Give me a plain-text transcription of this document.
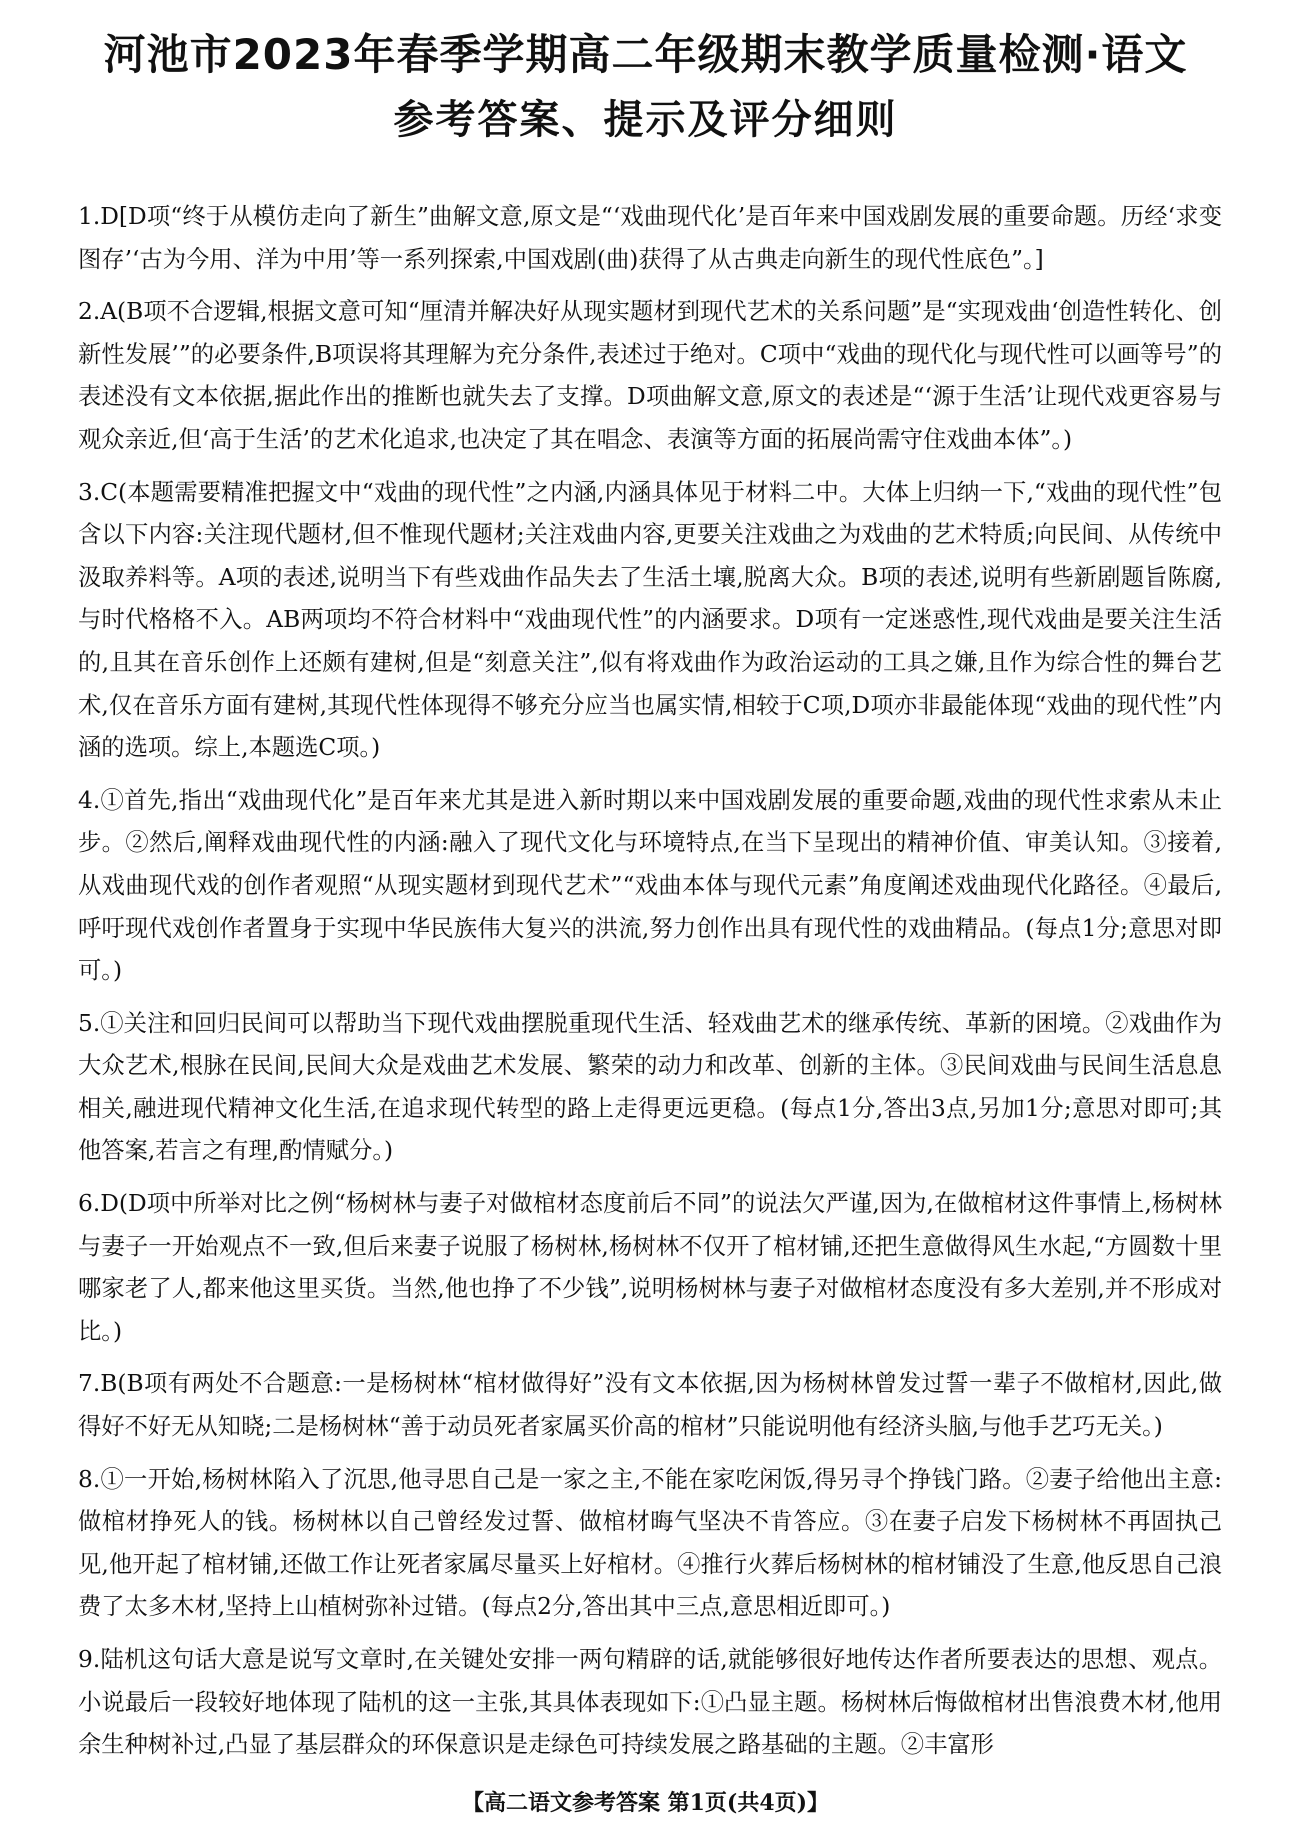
河池市2023年春季学期高二年级期末教学质量检测·语文
参考答案、提示及评分细则

1.D[D项“终于从模仿走向了新生”曲解文意,原文是“‘戏曲现代化’是百年来中国戏剧发展的重要命题。历经‘求变图存’‘古为今用、洋为中用’等一系列探索,中国戏剧(曲)获得了从古典走向新生的现代性底色”。]

2.A(B项不合逻辑,根据文意可知“厘清并解决好从现实题材到现代艺术的关系问题”是“实现戏曲‘创造性转化、创新性发展’”的必要条件,B项误将其理解为充分条件,表述过于绝对。C项中“戏曲的现代化与现代性可以画等号”的表述没有文本依据,据此作出的推断也就失去了支撑。D项曲解文意,原文的表述是“‘源于生活’让现代戏更容易与观众亲近,但‘高于生活’的艺术化追求,也决定了其在唱念、表演等方面的拓展尚需守住戏曲本体”。)

3.C(本题需要精准把握文中“戏曲的现代性”之内涵,内涵具体见于材料二中。大体上归纳一下,“戏曲的现代性”包含以下内容:关注现代题材,但不惟现代题材;关注戏曲内容,更要关注戏曲之为戏曲的艺术特质;向民间、从传统中汲取养料等。A项的表述,说明当下有些戏曲作品失去了生活土壤,脱离大众。B项的表述,说明有些新剧题旨陈腐,与时代格格不入。AB两项均不符合材料中“戏曲现代性”的内涵要求。D项有一定迷惑性,现代戏曲是要关注生活的,且其在音乐创作上还颇有建树,但是“刻意关注”,似有将戏曲作为政治运动的工具之嫌,且作为综合性的舞台艺术,仅在音乐方面有建树,其现代性体现得不够充分应当也属实情,相较于C项,D项亦非最能体现“戏曲的现代性”内涵的选项。综上,本题选C项。)

4.①首先,指出“戏曲现代化”是百年来尤其是进入新时期以来中国戏剧发展的重要命题,戏曲的现代性求索从未止步。②然后,阐释戏曲现代性的内涵:融入了现代文化与环境特点,在当下呈现出的精神价值、审美认知。③接着,从戏曲现代戏的创作者观照“从现实题材到现代艺术”“戏曲本体与现代元素”角度阐述戏曲现代化路径。④最后,呼吁现代戏创作者置身于实现中华民族伟大复兴的洪流,努力创作出具有现代性的戏曲精品。(每点1分;意思对即可。)

5.①关注和回归民间可以帮助当下现代戏曲摆脱重现代生活、轻戏曲艺术的继承传统、革新的困境。②戏曲作为大众艺术,根脉在民间,民间大众是戏曲艺术发展、繁荣的动力和改革、创新的主体。③民间戏曲与民间生活息息相关,融进现代精神文化生活,在追求现代转型的路上走得更远更稳。(每点1分,答出3点,另加1分;意思对即可;其他答案,若言之有理,酌情赋分。)

6.D(D项中所举对比之例“杨树林与妻子对做棺材态度前后不同”的说法欠严谨,因为,在做棺材这件事情上,杨树林与妻子一开始观点不一致,但后来妻子说服了杨树林,杨树林不仅开了棺材铺,还把生意做得风生水起,“方圆数十里哪家老了人,都来他这里买货。当然,他也挣了不少钱”,说明杨树林与妻子对做棺材态度没有多大差别,并不形成对比。)

7.B(B项有两处不合题意:一是杨树林“棺材做得好”没有文本依据,因为杨树林曾发过誓一辈子不做棺材,因此,做得好不好无从知晓;二是杨树林“善于动员死者家属买价高的棺材”只能说明他有经济头脑,与他手艺巧无关。)

8.①一开始,杨树林陷入了沉思,他寻思自己是一家之主,不能在家吃闲饭,得另寻个挣钱门路。②妻子给他出主意:做棺材挣死人的钱。杨树林以自己曾经发过誓、做棺材晦气坚决不肯答应。③在妻子启发下杨树林不再固执己见,他开起了棺材铺,还做工作让死者家属尽量买上好棺材。④推行火葬后杨树林的棺材铺没了生意,他反思自己浪费了太多木材,坚持上山植树弥补过错。(每点2分,答出其中三点,意思相近即可。)

9.陆机这句话大意是说写文章时,在关键处安排一两句精辟的话,就能够很好地传达作者所要表达的思想、观点。小说最后一段较好地体现了陆机的这一主张,其具体表现如下:①凸显主题。杨树林后悔做棺材出售浪费木材,他用余生种树补过,凸显了基层群众的环保意识是走绿色可持续发展之路基础的主题。②丰富形

【高二语文参考答案 第1页(共4页)】
